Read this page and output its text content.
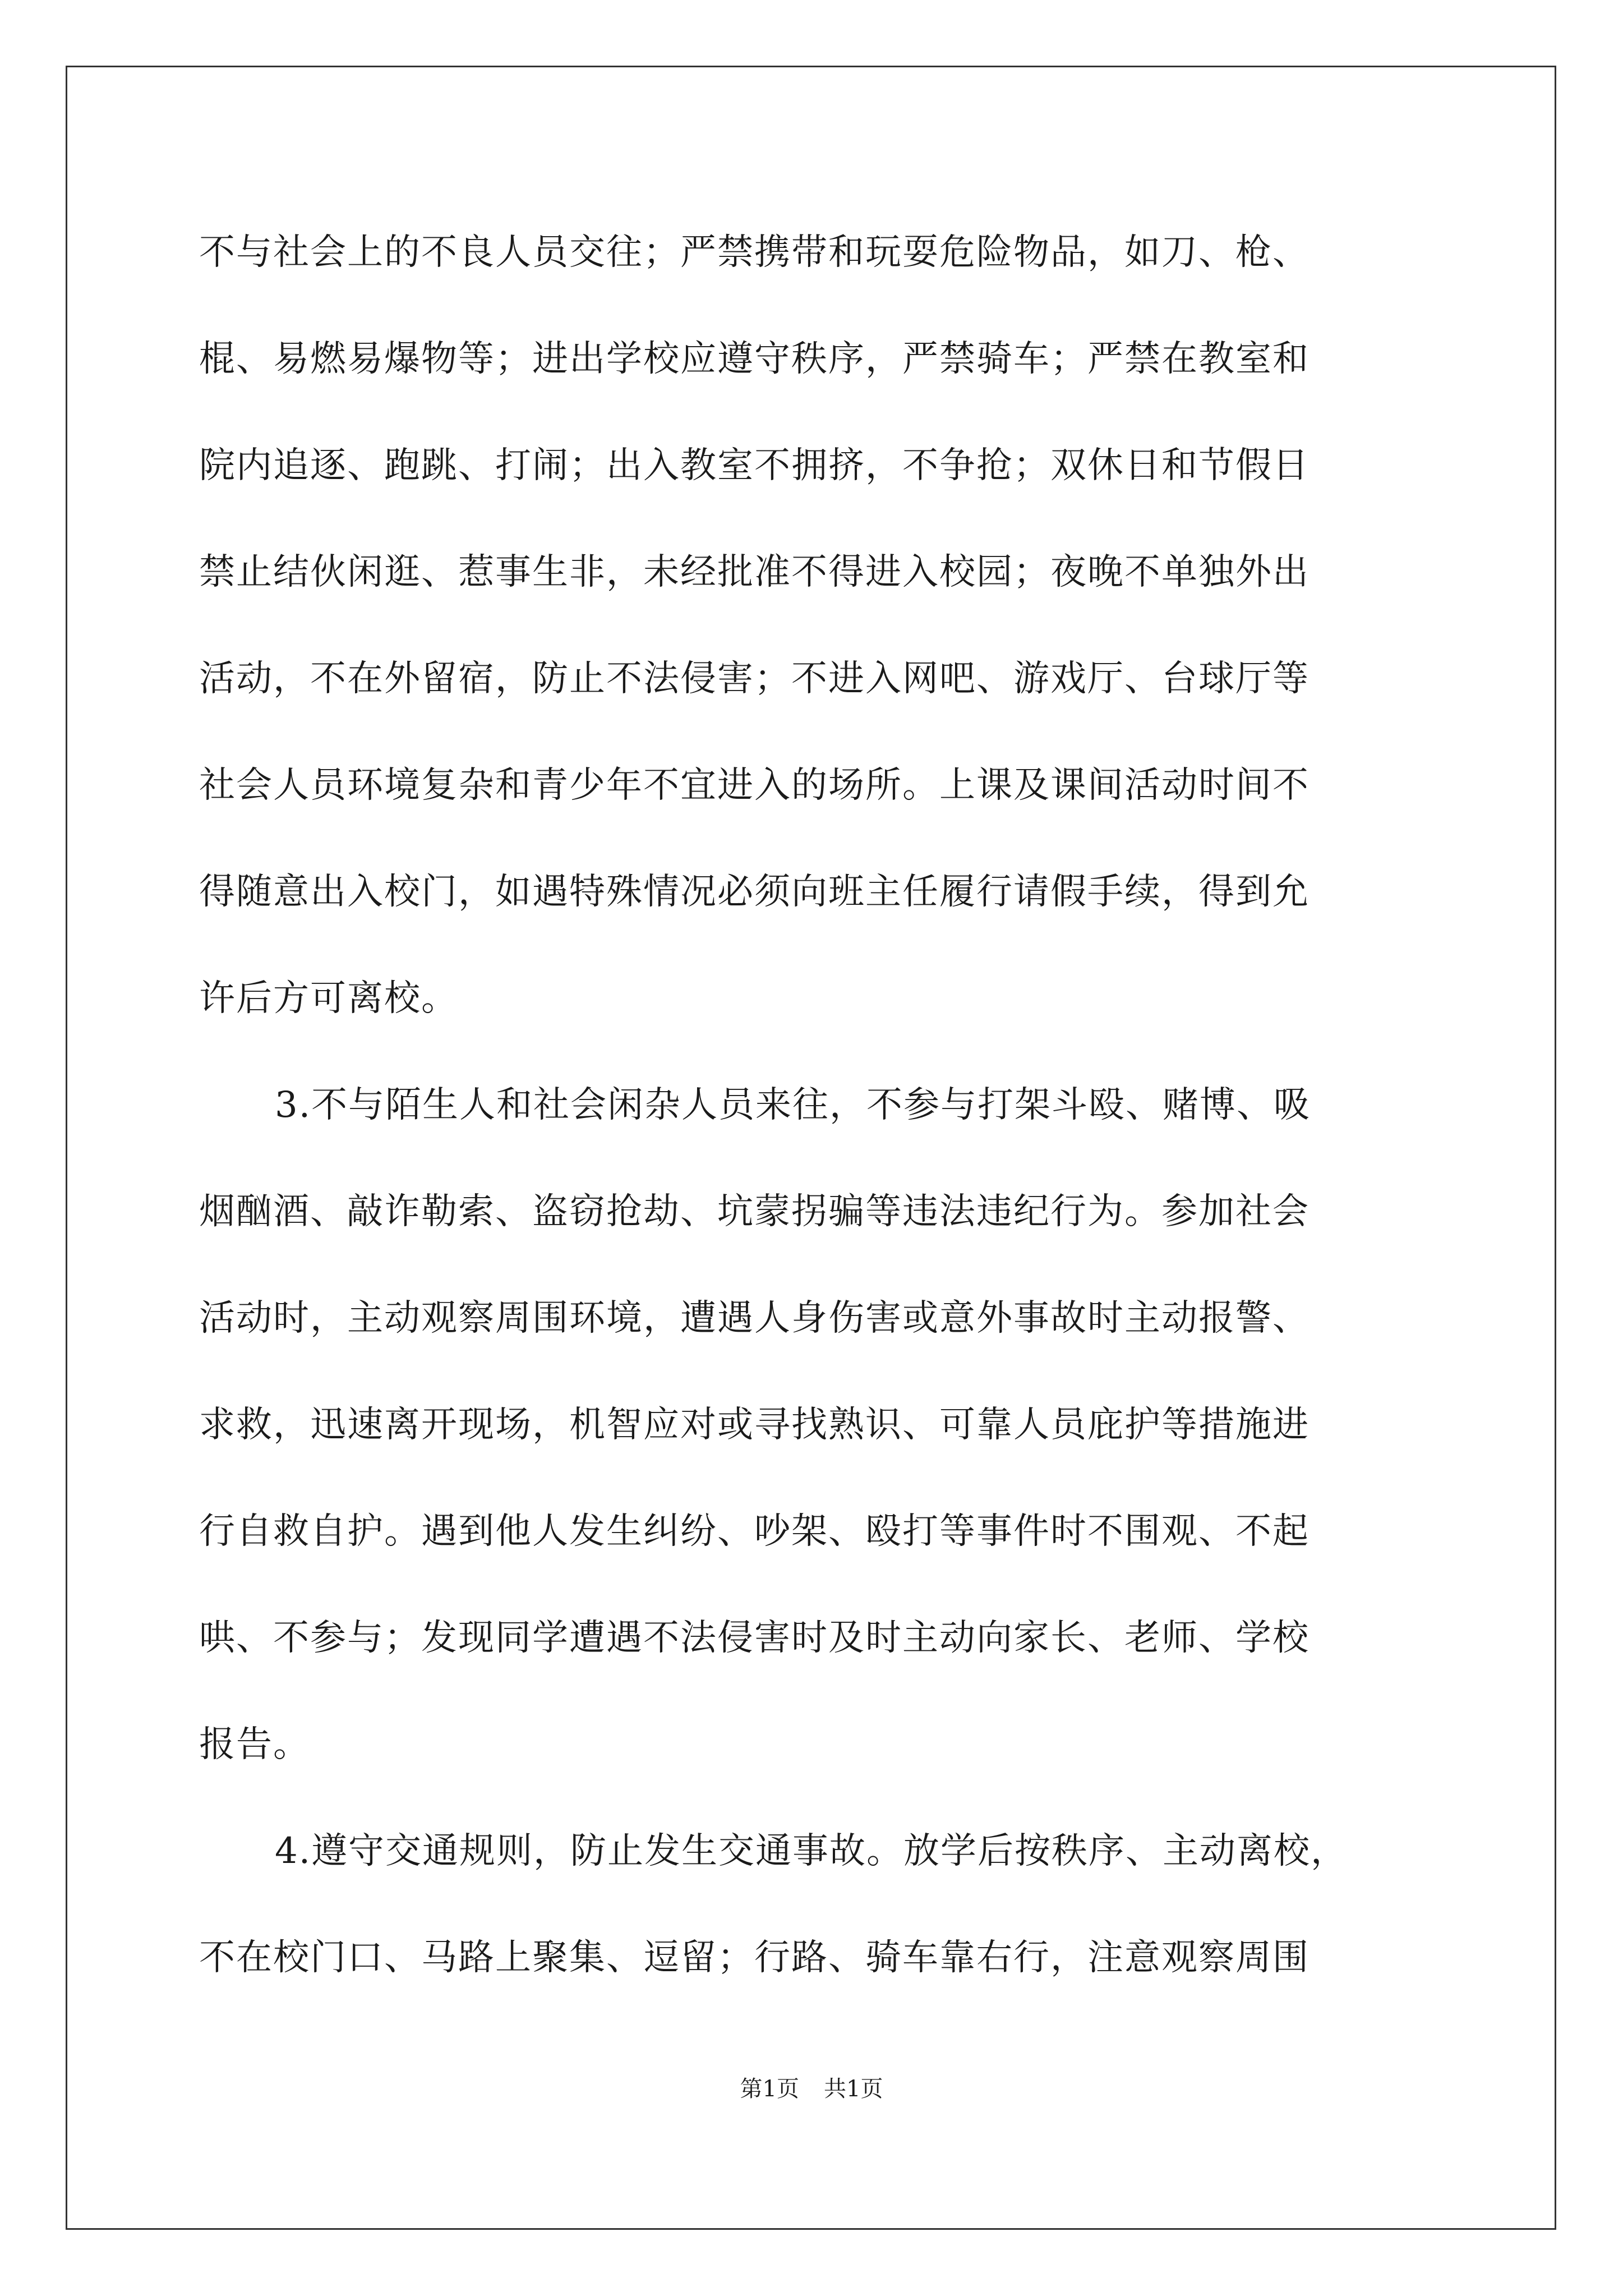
不与社会上的不良人员交往；严禁携带和玩耍危险物品，如刀、枪、
棍、易燃易爆物等；进出学校应遵守秩序，严禁骑车；严禁在教室和
院内追逐、跑跳、打闹；出入教室不拥挤，不争抢；双休日和节假日
禁止结伙闲逛、惹事生非，未经批准不得进入校园；夜晚不单独外出
活动，不在外留宿，防止不法侵害；不进入网吧、游戏厅、台球厅等
社会人员环境复杂和青少年不宜进入的场所。上课及课间活动时间不
得随意出入校门，如遇特殊情况必须向班主任履行请假手续，得到允
许后方可离校。
3.不与陌生人和社会闲杂人员来往，不参与打架斗殴、赌博、吸
烟酗酒、敲诈勒索、盗窃抢劫、坑蒙拐骗等违法违纪行为。参加社会
活动时，主动观察周围环境，遭遇人身伤害或意外事故时主动报警、
求救，迅速离开现场，机智应对或寻找熟识、可靠人员庇护等措施进
行自救自护。遇到他人发生纠纷、吵架、殴打等事件时不围观、不起
哄、不参与；发现同学遭遇不法侵害时及时主动向家长、老师、学校
报告。
4.遵守交通规则，防止发生交通事故。放学后按秩序、主动离校，
不在校门口、马路上聚集、逗留；行路、骑车靠右行，注意观察周围
第1页 共1页
